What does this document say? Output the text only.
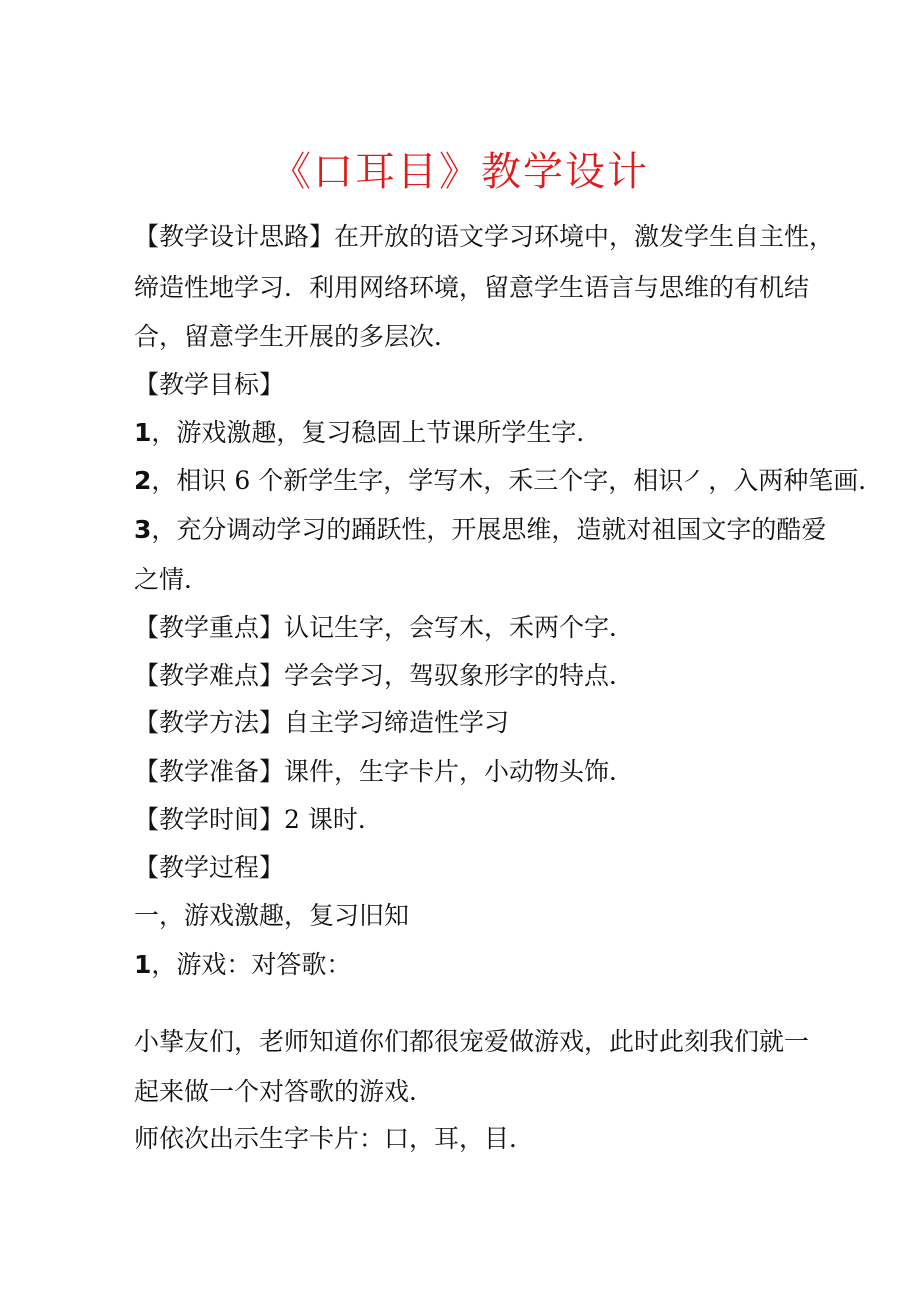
《口耳目》教学设计
【教学设计思路】在开放的语文学习环境中，激发学生自主性，
缔造性地学习．利用网络环境，留意学生语言与思维的有机结
合，留意学生开展的多层次．
【教学目标】
1，游戏激趣，复习稳固上节课所学生字．
2，相识 6 个新学生字，学写木，禾三个字，相识㇒，入两种笔画．
3，充分调动学习的踊跃性，开展思维，造就对祖国文字的酷爱
之情．
【教学重点】认记生字，会写木，禾两个字．
【教学难点】学会学习，驾驭象形字的特点．
【教学方法】自主学习缔造性学习
【教学准备】课件，生字卡片，小动物头饰．
【教学时间】2 课时．
【教学过程】
一，游戏激趣，复习旧知
1，游戏：对答歌：
小挚友们，老师知道你们都很宠爱做游戏，此时此刻我们就一
起来做一个对答歌的游戏．
师依次出示生字卡片：口，耳，目．
